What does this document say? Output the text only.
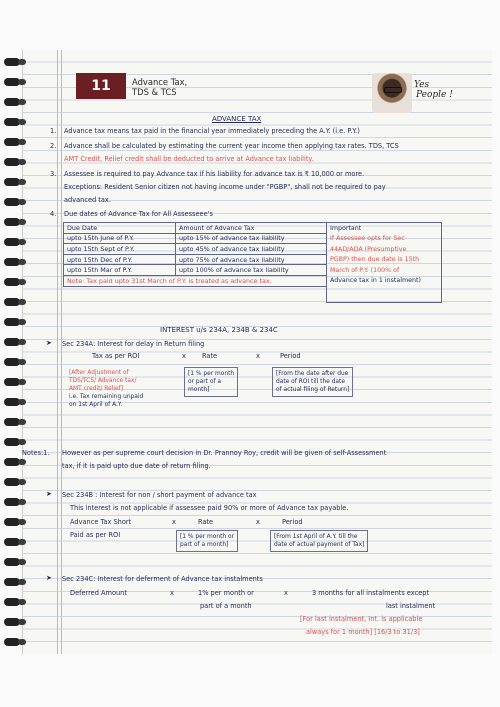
11	Advance Tax,
TDS & TCS
Yes
People !
ADVANCE TAX
1. Advance tax means tax paid in the financial year immediately preceding the A.Y. (i.e. P.Y.)
2. Advance shall be calculated by estimating the current year income then applying tax rates. TDS, TCS
AMT Credit, Relief credit shall be deducted to arrive at Advance tax liability.
3. Assessee is required to pay Advance tax if his liability for advance tax is ₹ 10,000 or more.
Exceptions: Resident Senior citizen not having income under "PGBP", shall not be required to pay
advanced tax.
4. Due dates of Advance Tax for All Assesseee's
Due Date	Amount of Advance Tax
upto 15th June of P.Y.	upto 15% of advance tax liability
upto 15th Sept of P.Y.	upto 45% of advance tax liability
upto 15th Dec of P.Y.	upto 75% of advance tax liability
upto 15th Mar of P.Y.	upto 100% of advance tax liability
Note: Tax paid upto 31st March of P.Y. is treated as advance tax.	
Important
If Assessee opts for Sec
44AD/ADA (Presumptive
PGBP) then due date is 15th
March of P.Y. (100% of
Advance tax in 1 instalment)
INTEREST u/s 234A, 234B & 234C
➤ Sec 234A: Interest for delay in Return filing
Tax as per ROI	x Rate	x	Period
[After Adjustment of
TDS/TCS/ Advance tax/
AMT credit/ Relief]
i.e. Tax remaining unpaid
on 1st April of A.Y.
[1 % per month
or part of a
month]
[From the date after due
date of ROI till the date
of actual filing of Return]
Notes:1. However as per supreme court decision in Dr. Prannoy Roy, credit will be given of self-Assessment
tax, if it is paid upto due date of return filing.
➤ Sec 234B : Interest for non / short payment of advance tax
This interest is not applicable if assessee paid 90% or more of Advance tax payable.
Advance Tax Short	x	Rate	x	Period
Paid as per ROI	[1 % per month or
part of a month]
[From 1st April of A.Y. till the
date of actual payment of Tax]
➤ Sec 234C: Interest for deferment of Advance tax instalments
Deferred Amount	x	1% per month or
part of a month
x	3 months for all instalments except
last instalment
[For last instalment, Int. is applicable
always for 1 month] [16/3 to 31/3]
